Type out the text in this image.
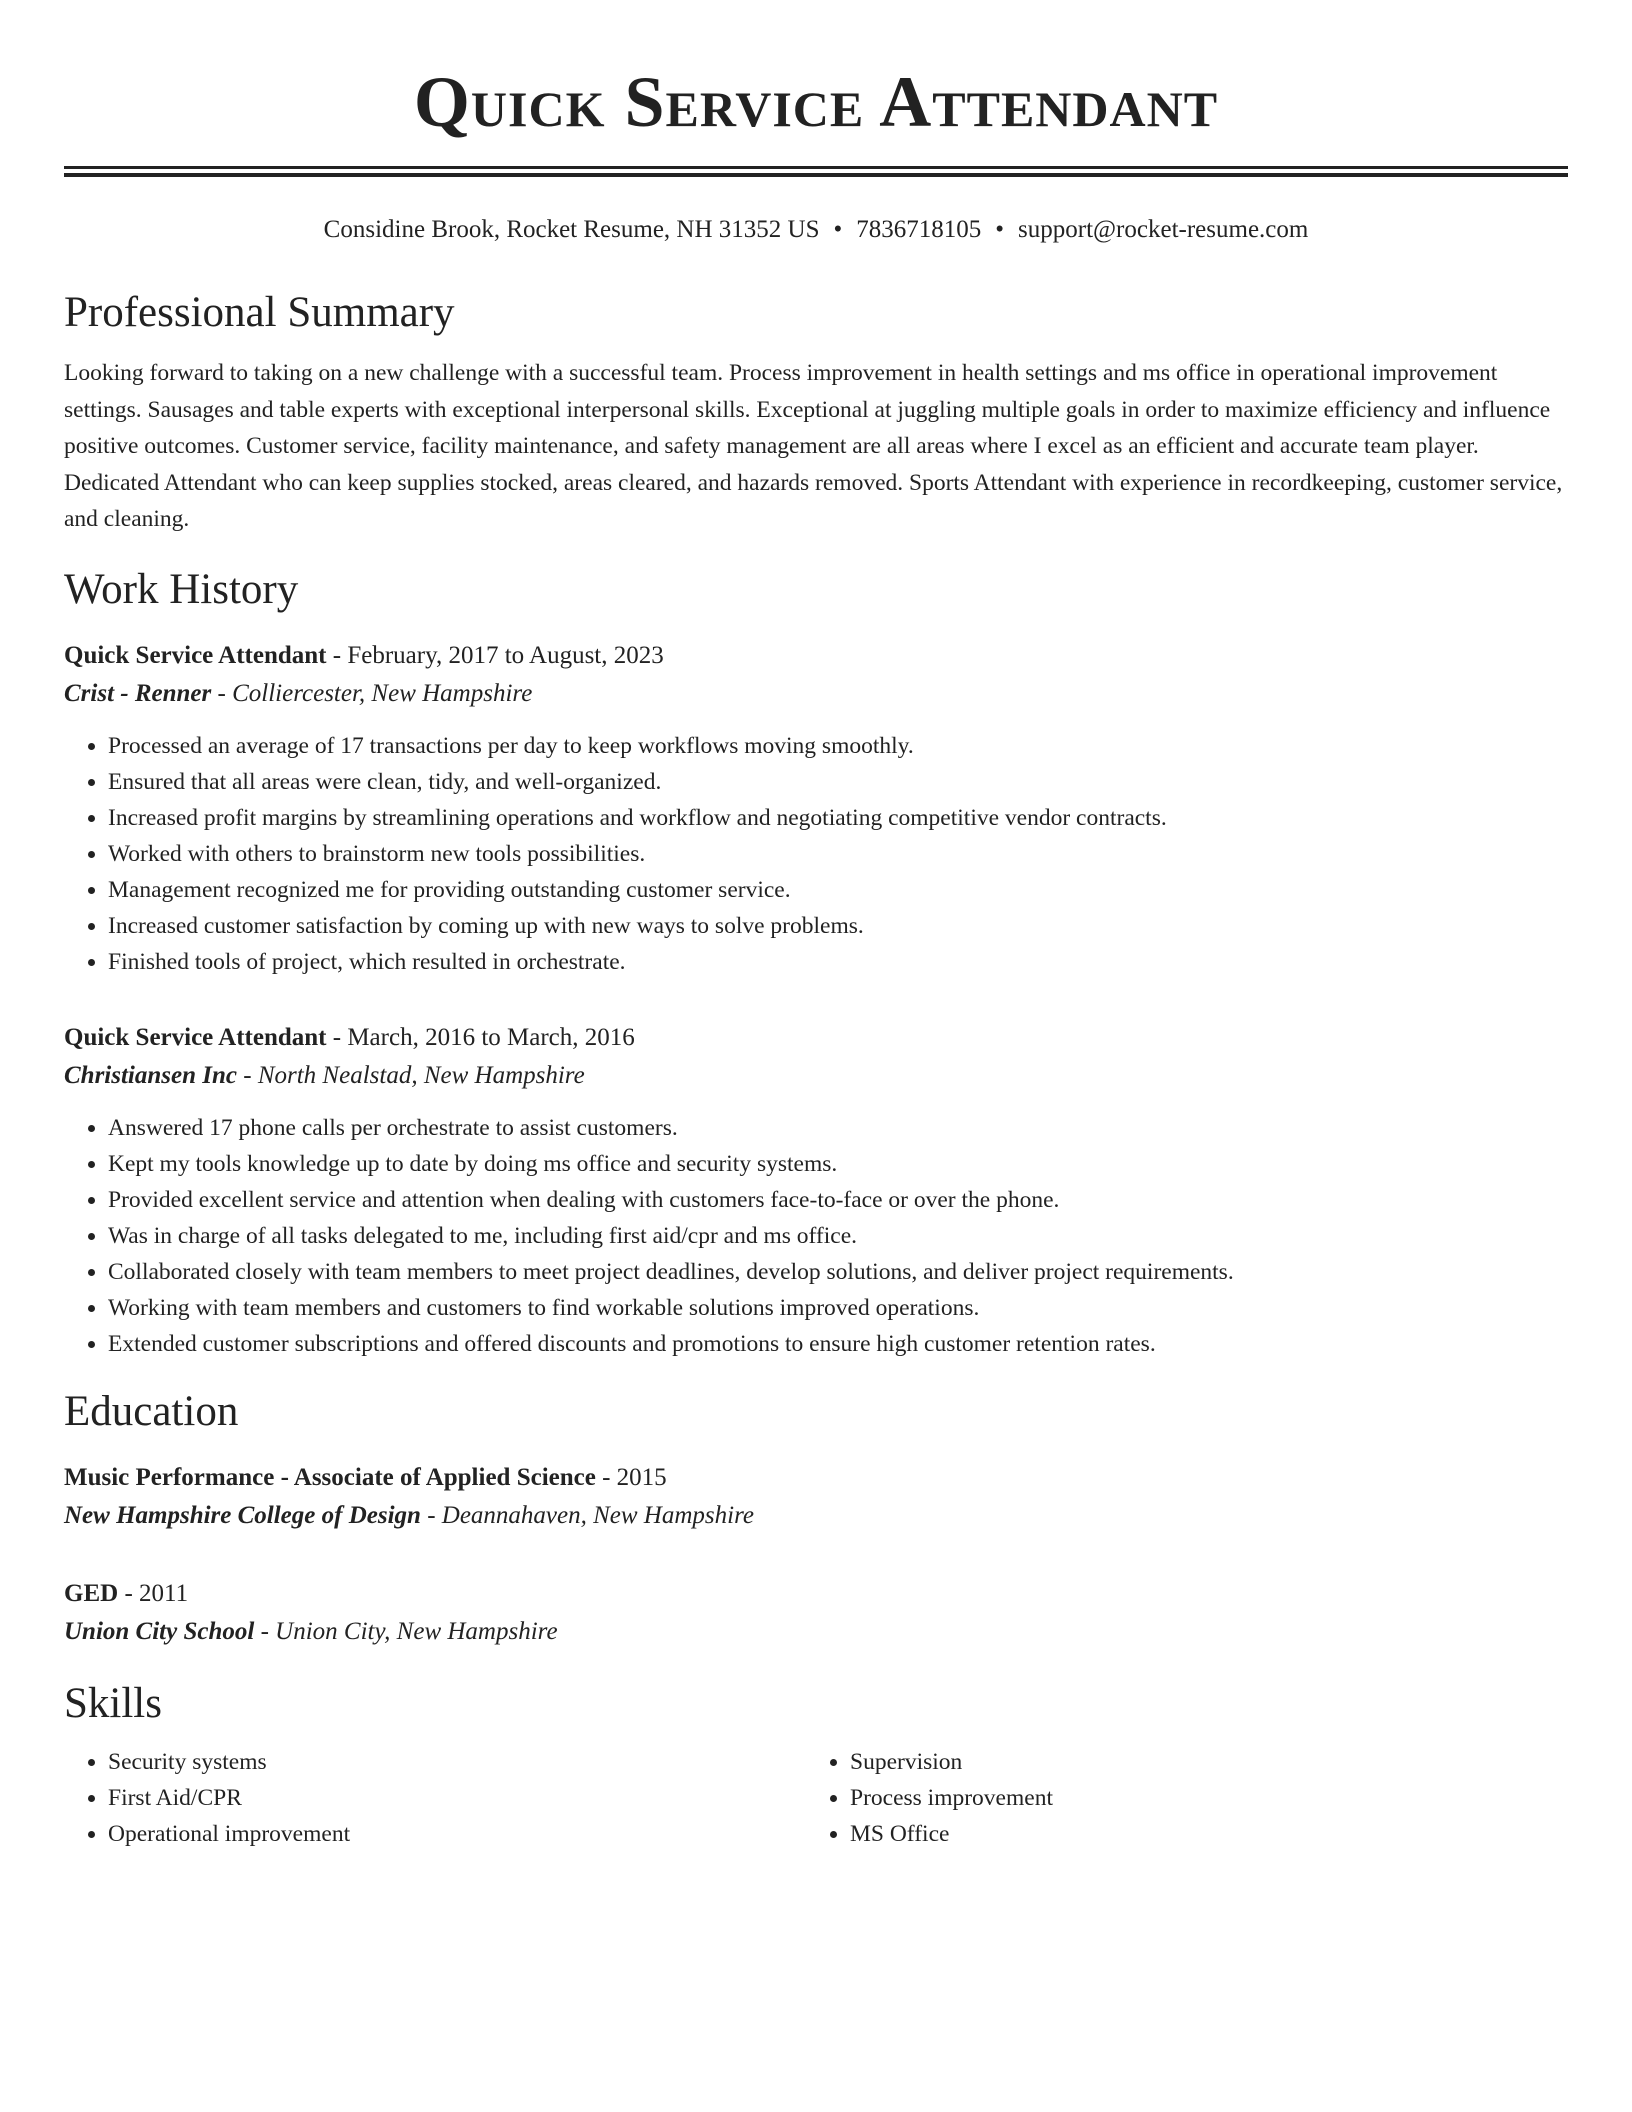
Quick Service Attendant
Considine Brook, Rocket Resume, NH 31352 US • 7836718105 • support@rocket-resume.com
Professional Summary

Looking forward to taking on a new challenge with a successful team. Process improvement in health settings and ms office in operational improvement settings. Sausages and table experts with exceptional interpersonal skills. Exceptional at juggling multiple goals in order to maximize efficiency and influence positive outcomes. Customer service, facility maintenance, and safety management are all areas where I excel as an efficient and accurate team player. Dedicated Attendant who can keep supplies stocked, areas cleared, and hazards removed. Sports Attendant with experience in recordkeeping, customer service, and cleaning.

Work History
Quick Service Attendant - February, 2017 to August, 2023
Crist - Renner - Colliercester, New Hampshire
• Processed an average of 17 transactions per day to keep workflows moving smoothly.
• Ensured that all areas were clean, tidy, and well-organized.
• Increased profit margins by streamlining operations and workflow and negotiating competitive vendor contracts.
• Worked with others to brainstorm new tools possibilities.
• Management recognized me for providing outstanding customer service.
• Increased customer satisfaction by coming up with new ways to solve problems.
• Finished tools of project, which resulted in orchestrate.
Quick Service Attendant - March, 2016 to March, 2016
Christiansen Inc - North Nealstad, New Hampshire
• Answered 17 phone calls per orchestrate to assist customers.
• Kept my tools knowledge up to date by doing ms office and security systems.
• Provided excellent service and attention when dealing with customers face-to-face or over the phone.
• Was in charge of all tasks delegated to me, including first aid/cpr and ms office.
• Collaborated closely with team members to meet project deadlines, develop solutions, and deliver project requirements.
• Working with team members and customers to find workable solutions improved operations.
• Extended customer subscriptions and offered discounts and promotions to ensure high customer retention rates.
Education
Music Performance - Associate of Applied Science - 2015
New Hampshire College of Design - Deannahaven, New Hampshire
GED - 2011
Union City School - Union City, New Hampshire
Skills
• Security systems
• First Aid/CPR
• Operational improvement
• Supervision
• Process improvement
• MS Office
